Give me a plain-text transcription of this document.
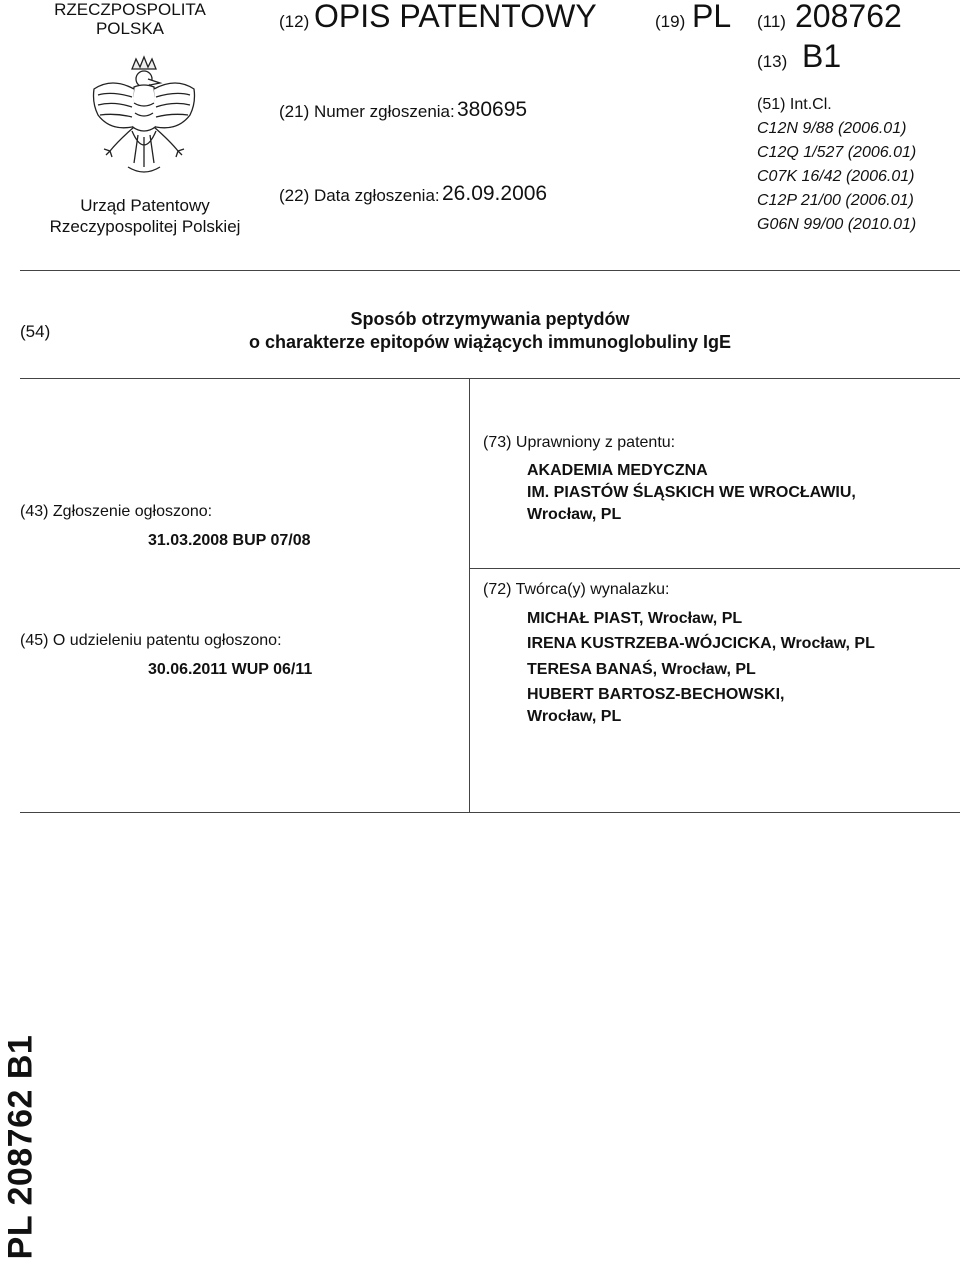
RZECZPOSPOLITA
POLSKA
Urząd Patentowy
Rzeczypospolitej Polskiej
(12) OPIS PATENTOWY	(19) PL (11) 208762
(13) B1
(21) Numer zgłoszenia: 380695
(22) Data zgłoszenia: 26.09.2006
(51) Int.Cl.
C12N 9/88 (2006.01)
C12Q 1/527 (2006.01)
C07K 16/42 (2006.01)
C12P 21/00 (2006.01)
G06N 99/00 (2010.01)
(54)
Sposób otrzymywania peptydów
o charakterze epitopów wiążących immunoglobuliny IgE
(43) Zgłoszenie ogłoszono:
31.03.2008 BUP 07/08
(45) O udzieleniu patentu ogłoszono:
30.06.2011 WUP 06/11
(73) Uprawniony z patentu:
AKADEMIA MEDYCZNA
IM. PIASTÓW ŚLĄSKICH WE WROCŁAWIU,
Wrocław, PL
(72) Twórca(y) wynalazku:
MICHAŁ PIAST, Wrocław, PL
IRENA KUSTRZEBA-WÓJCICKA, Wrocław, PL
TERESA BANAŚ, Wrocław, PL
HUBERT BARTOSZ-BECHOWSKI,
Wrocław, PL
PL 208762 B1
